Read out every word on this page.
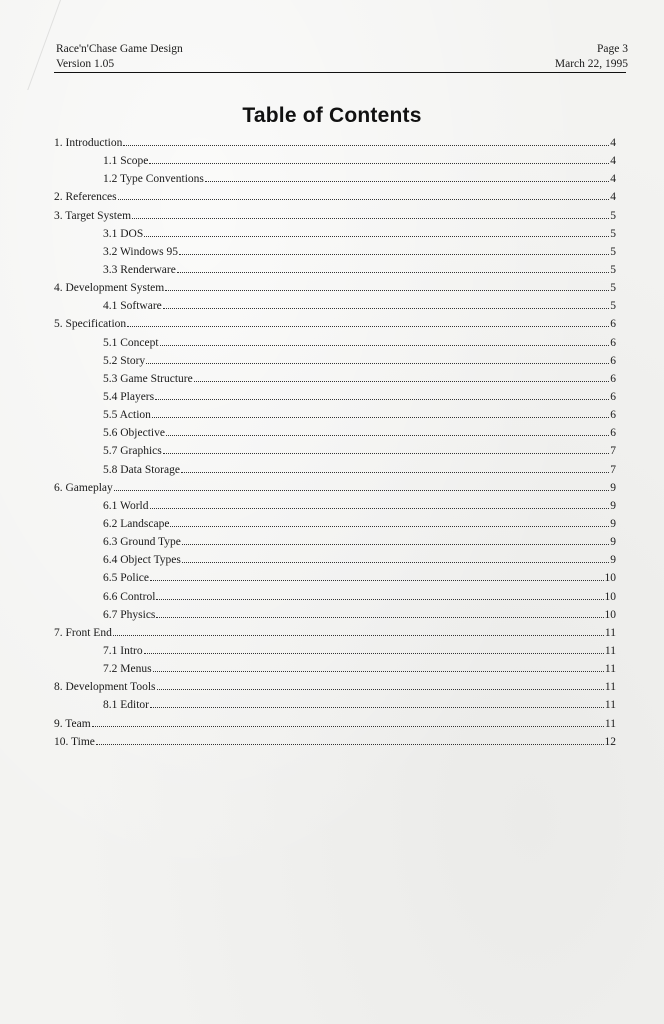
Race'n'Chase Game Design
Version 1.05
Page 3
March 22, 1995
Table of Contents
1. Introduction	4
1.1 Scope	4
1.2 Type Conventions	4
2. References	4
3. Target System	5
3.1 DOS	5
3.2 Windows 95	5
3.3 Renderware	5
4. Development System	5
4.1 Software	5
5. Specification	6
5.1 Concept	6
5.2 Story	6
5.3 Game Structure	6
5.4 Players	6
5.5 Action	6
5.6 Objective	6
5.7 Graphics	7
5.8 Data Storage	7
6. Gameplay	9
6.1 World	9
6.2 Landscape	9
6.3 Ground Type	9
6.4 Object Types	9
6.5 Police	10
6.6 Control	10
6.7 Physics	10
7. Front End	11
7.1 Intro	11
7.2 Menus	11
8. Development Tools	11
8.1 Editor	11
9. Team	11
10. Time	12
